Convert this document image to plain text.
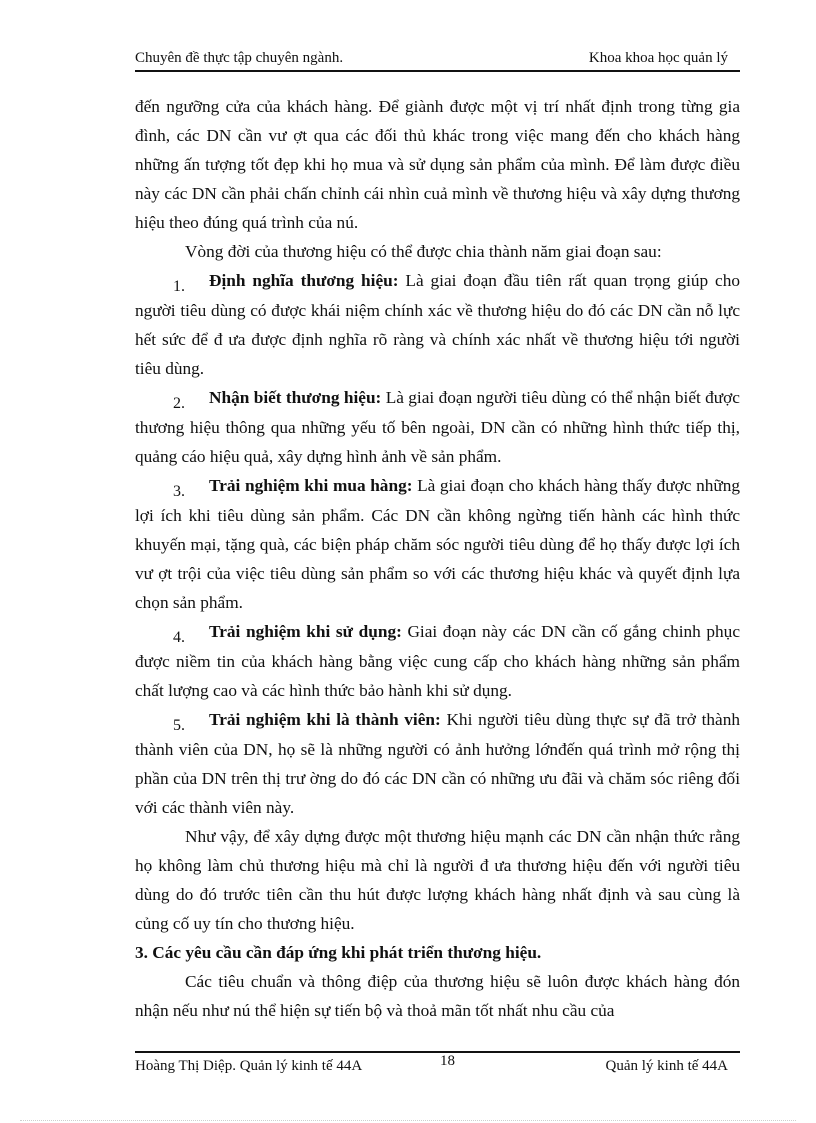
Chuyên đề thực tập chuyên ngành.	Khoa khoa học quản lý

đến ngưỡng cửa của khách hàng. Để giành được một vị trí nhất định trong từng gia đình, các DN cần vư ợt qua các đối thủ khác trong việc mang đến cho khách hàng những ấn tượng tốt đẹp khi họ mua và sử dụng sản phẩm của mình. Để làm được điều này các DN cần phải chấn chỉnh cái nhìn cuả mình về thương hiệu và xây dựng thương hiệu theo đúng quá trình của nú.

Vòng đời của thương hiệu có thể được chia thành năm giai đoạn sau:

1. Định nghĩa thương hiệu: Là giai đoạn đầu tiên rất quan trọng giúp cho người tiêu dùng có được khái niệm chính xác về thương hiệu do đó các DN cần nỗ lực hết sức để đ ưa được định nghĩa rõ ràng và chính xác nhất về thương hiệu tới người tiêu dùng.

2. Nhận biết thương hiệu: Là giai đoạn người tiêu dùng có thể nhận biết được thương hiệu thông qua những yếu tố bên ngoài, DN cần có những hình thức tiếp thị, quảng cáo hiệu quả, xây dựng hình ảnh về sản phẩm.

3. Trải nghiệm khi mua hàng: Là giai đoạn cho khách hàng thấy được những lợi ích khi tiêu dùng sản phẩm. Các DN cần không ngừng tiến hành các hình thức khuyến mại, tặng quà, các biện pháp chăm sóc người tiêu dùng để họ thấy được lợi ích vư ợt trội của việc tiêu dùng sản phẩm so với các thương hiệu khác và quyết định lựa chọn sản phẩm.

4. Trải nghiệm khi sử dụng: Giai đoạn này các DN cần cố gắng chinh phục được niềm tin của khách hàng bằng việc cung cấp cho khách hàng những sản phẩm chất lượng cao và các hình thức bảo hành khi sử dụng.

5. Trải nghiệm khi là thành viên: Khi người tiêu dùng thực sự đã trở thành thành viên của DN, họ sẽ là những người có ảnh hưởng lớnđến quá trình mở rộng thị phần của DN trên thị trư ờng do đó các DN cần có những ưu đãi và chăm sóc riêng đối với các thành viên này.

Như vậy, để xây dựng được một thương hiệu mạnh các DN cần nhận thức rằng họ không làm chủ thương hiệu mà chỉ là người đ ưa thương hiệu đến với người tiêu dùng do đó trước tiên cần thu hút được lượng khách hàng nhất định và sau cùng là củng cố uy tín cho thương hiệu.

3. Các yêu cầu cần đáp ứng khi phát triển thương hiệu.

Các tiêu chuẩn và thông điệp của thương hiệu sẽ luôn được khách hàng đón nhận nếu như nú thể hiện sự tiến bộ và thoả mãn tốt nhất nhu cầu của

Hoàng Thị Diệp. Quản lý kinh tế 44A	18	Quản lý kinh tế 44A
